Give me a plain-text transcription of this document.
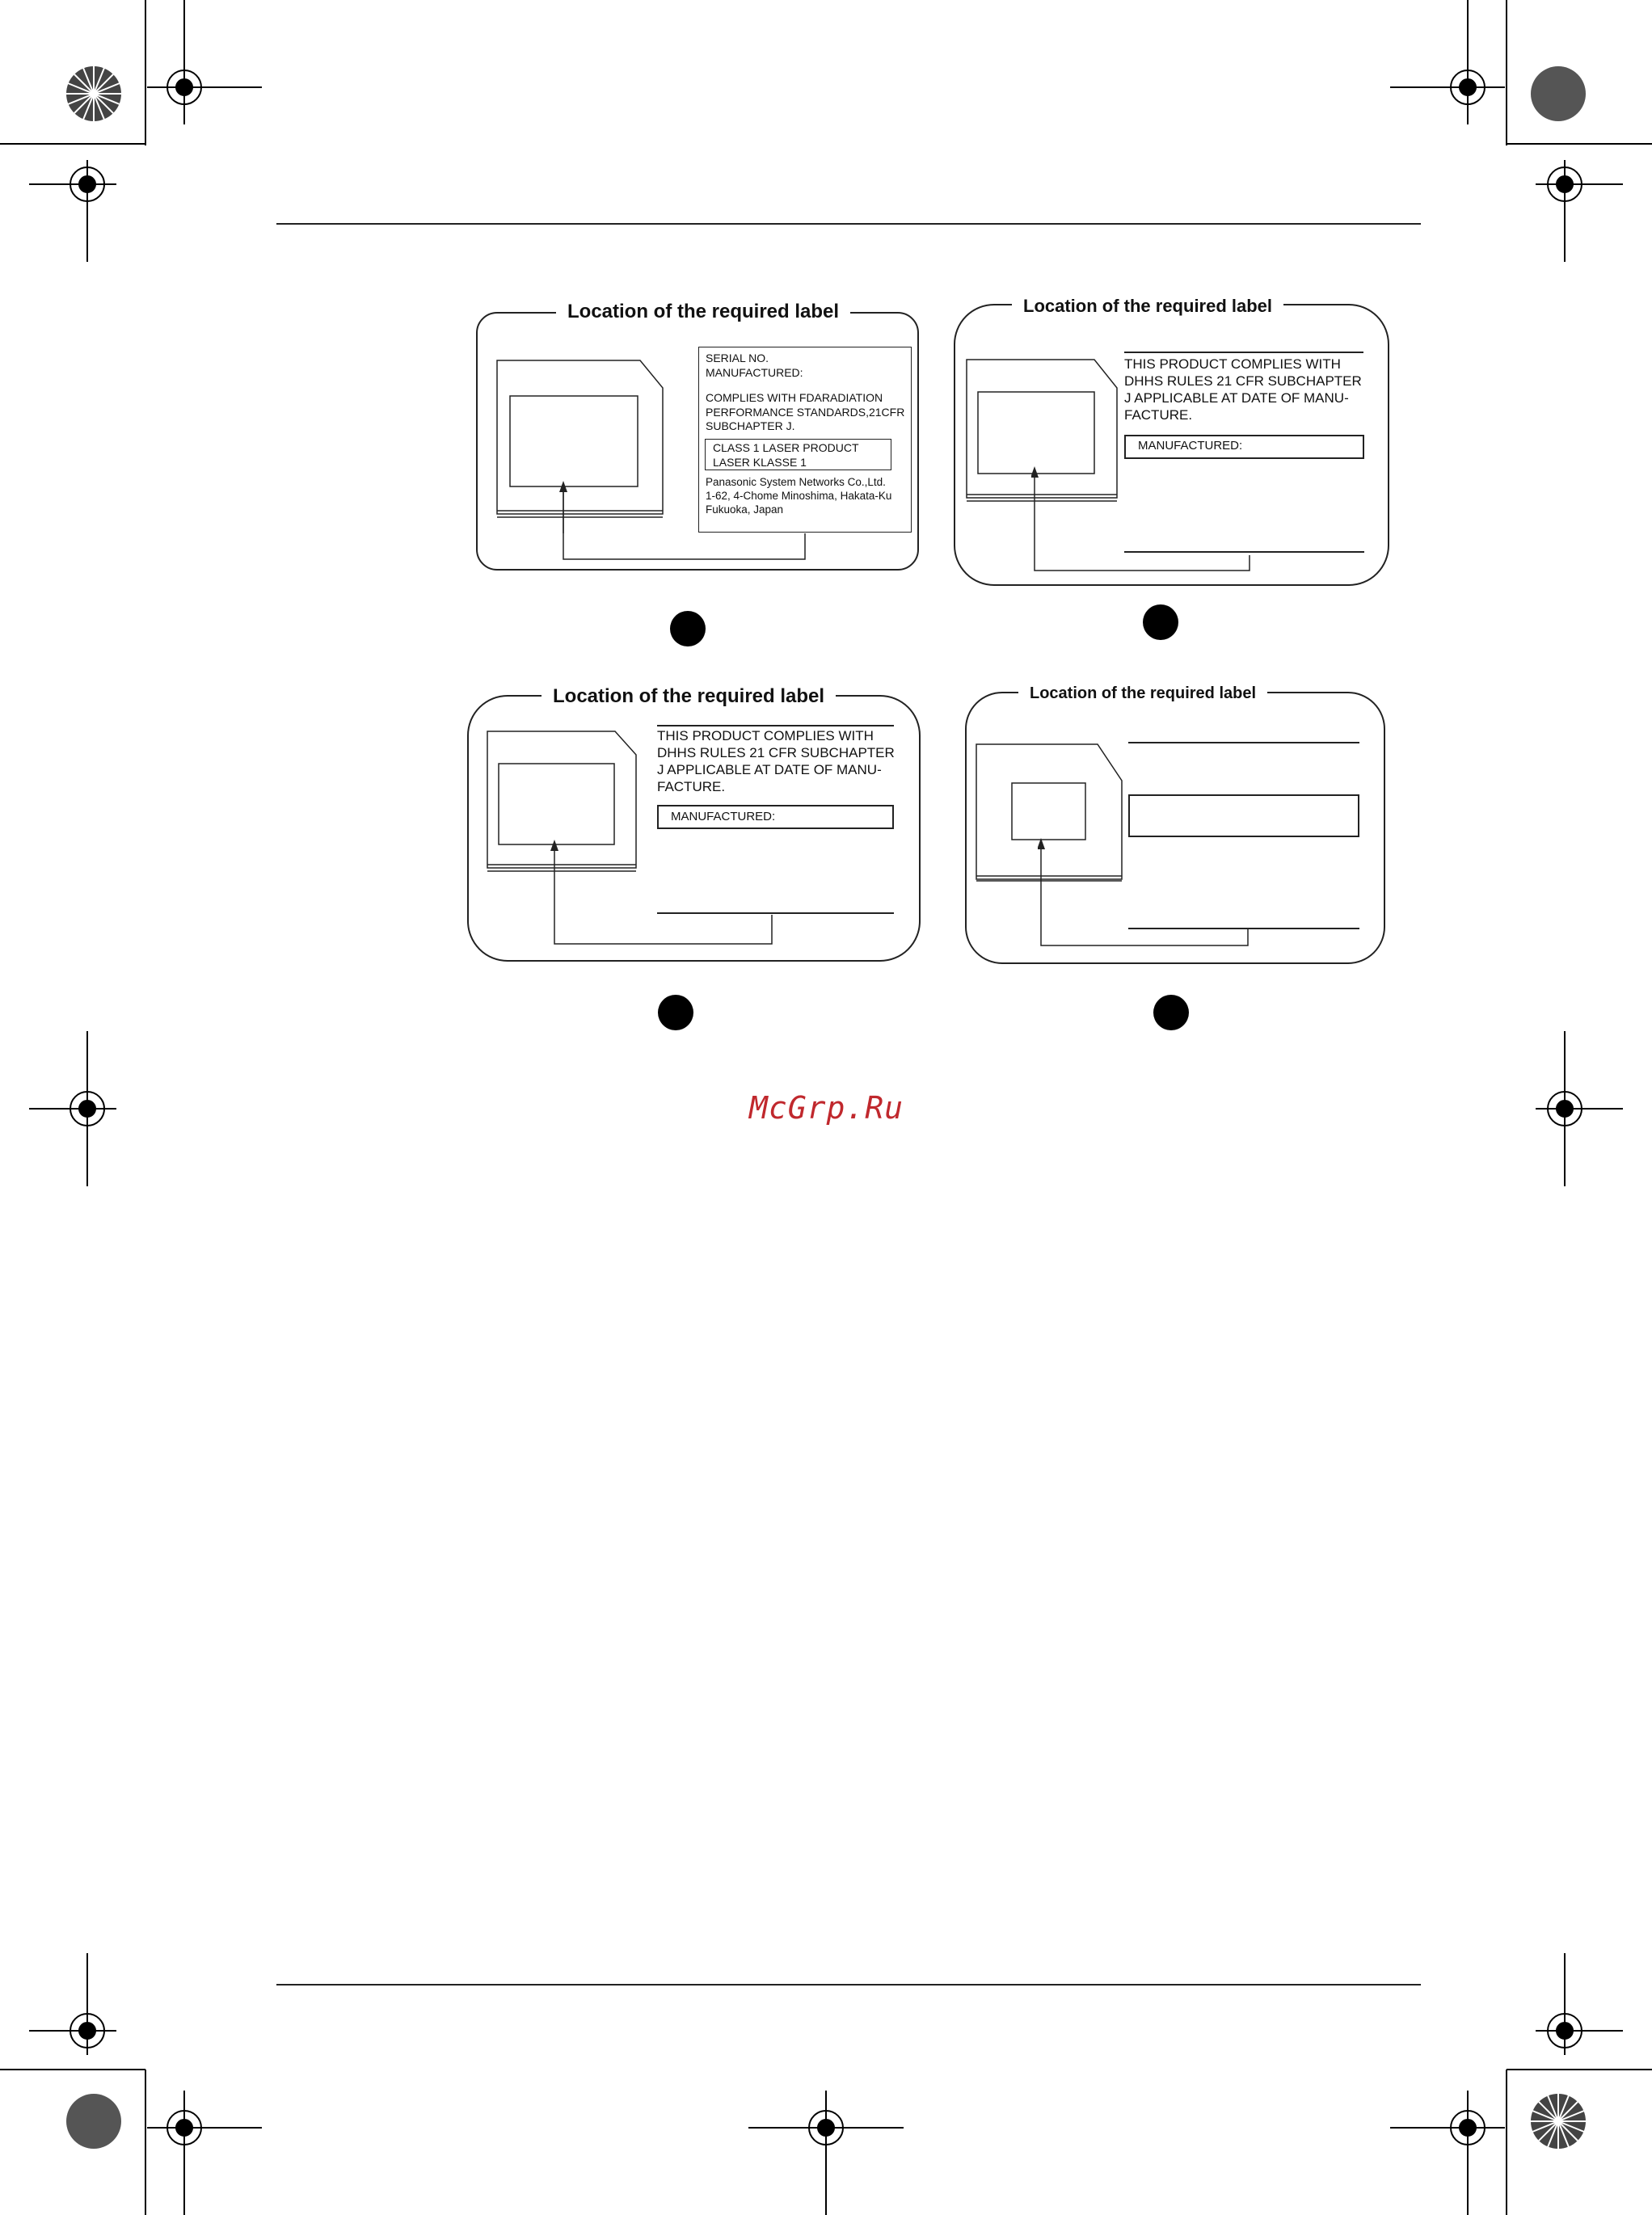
Location of the required label
SERIAL NO.
MANUFACTURED:
COMPLIES WITH FDARADIATION
PERFORMANCE STANDARDS,21CFR
SUBCHAPTER J.
CLASS 1 LASER PRODUCT
LASER KLASSE 1
Panasonic System Networks Co.,Ltd.
1-62, 4-Chome Minoshima, Hakata-Ku
Fukuoka, Japan
Location of the required label
THIS PRODUCT COMPLIES WITH
DHHS RULES 21 CFR SUBCHAPTER
J APPLICABLE AT DATE OF MANU-
FACTURE.
MANUFACTURED:
Location of the required label
THIS PRODUCT COMPLIES WITH
DHHS RULES 21 CFR SUBCHAPTER
J APPLICABLE AT DATE OF MANU-
FACTURE.
MANUFACTURED:
Location of the required label
McGrp.Ru
